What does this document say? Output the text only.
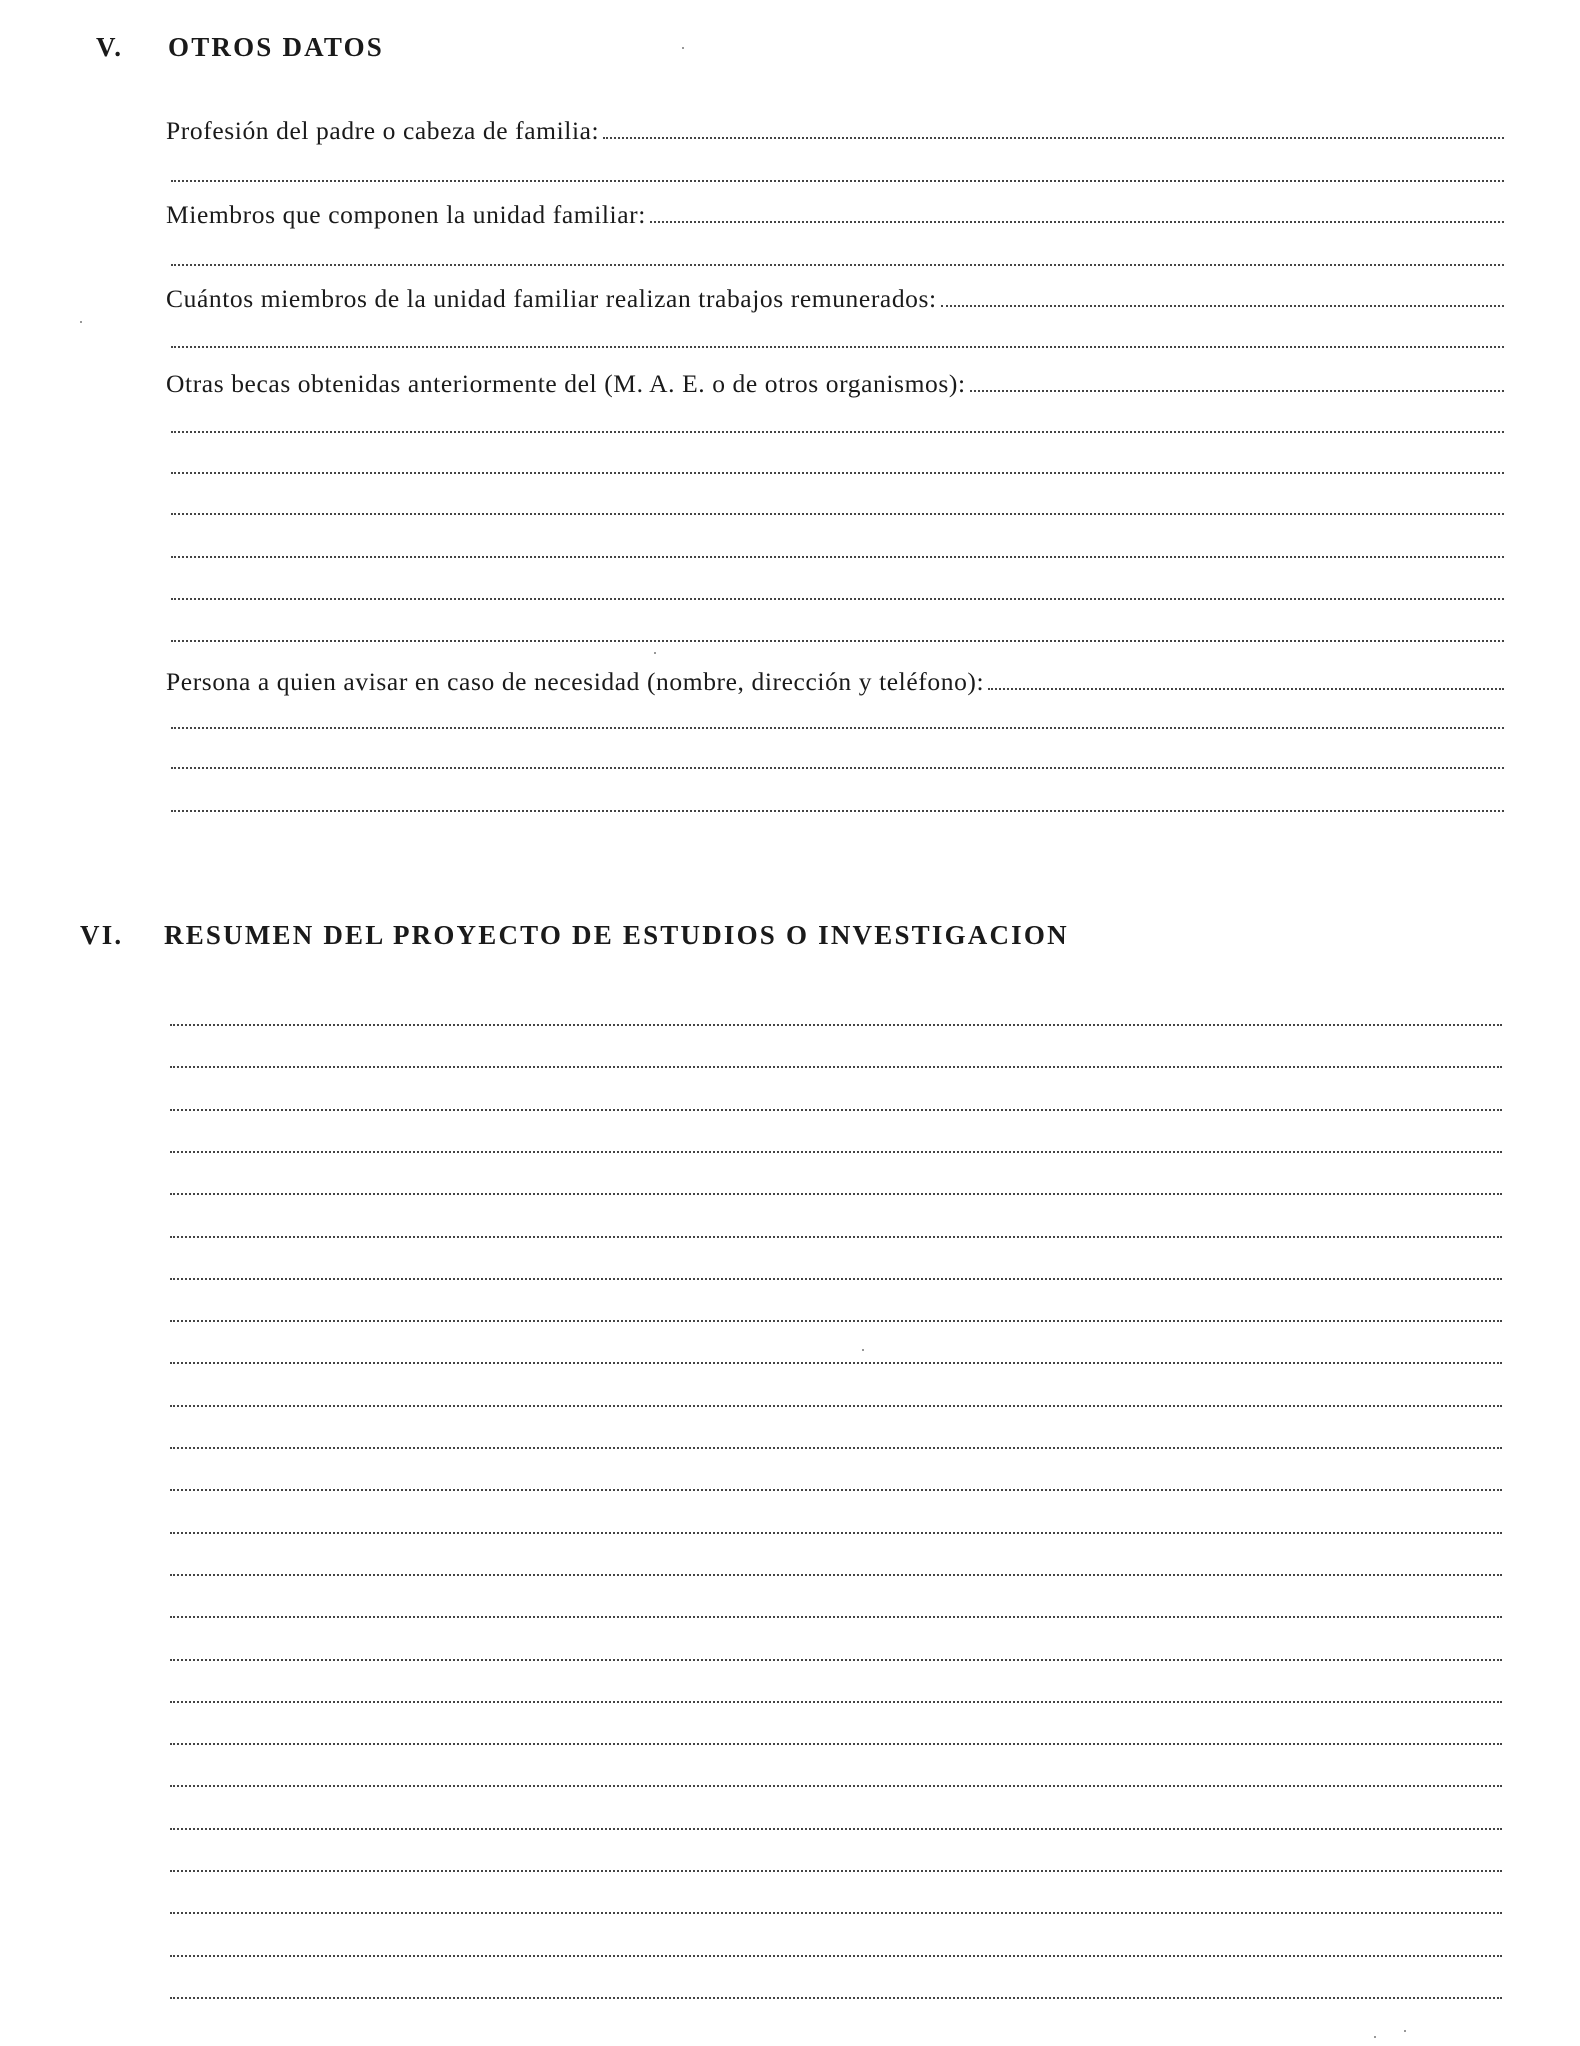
V. OTROS DATOS
Profesión del padre o cabeza de familia:
Miembros que componen la unidad familiar:
Cuántos miembros de la unidad familiar realizan trabajos remunerados:
Otras becas obtenidas anteriormente del (M. A. E. o de otros organismos):
Persona a quien avisar en caso de necesidad (nombre, dirección y teléfono):
VI. RESUMEN DEL PROYECTO DE ESTUDIOS O INVESTIGACION
